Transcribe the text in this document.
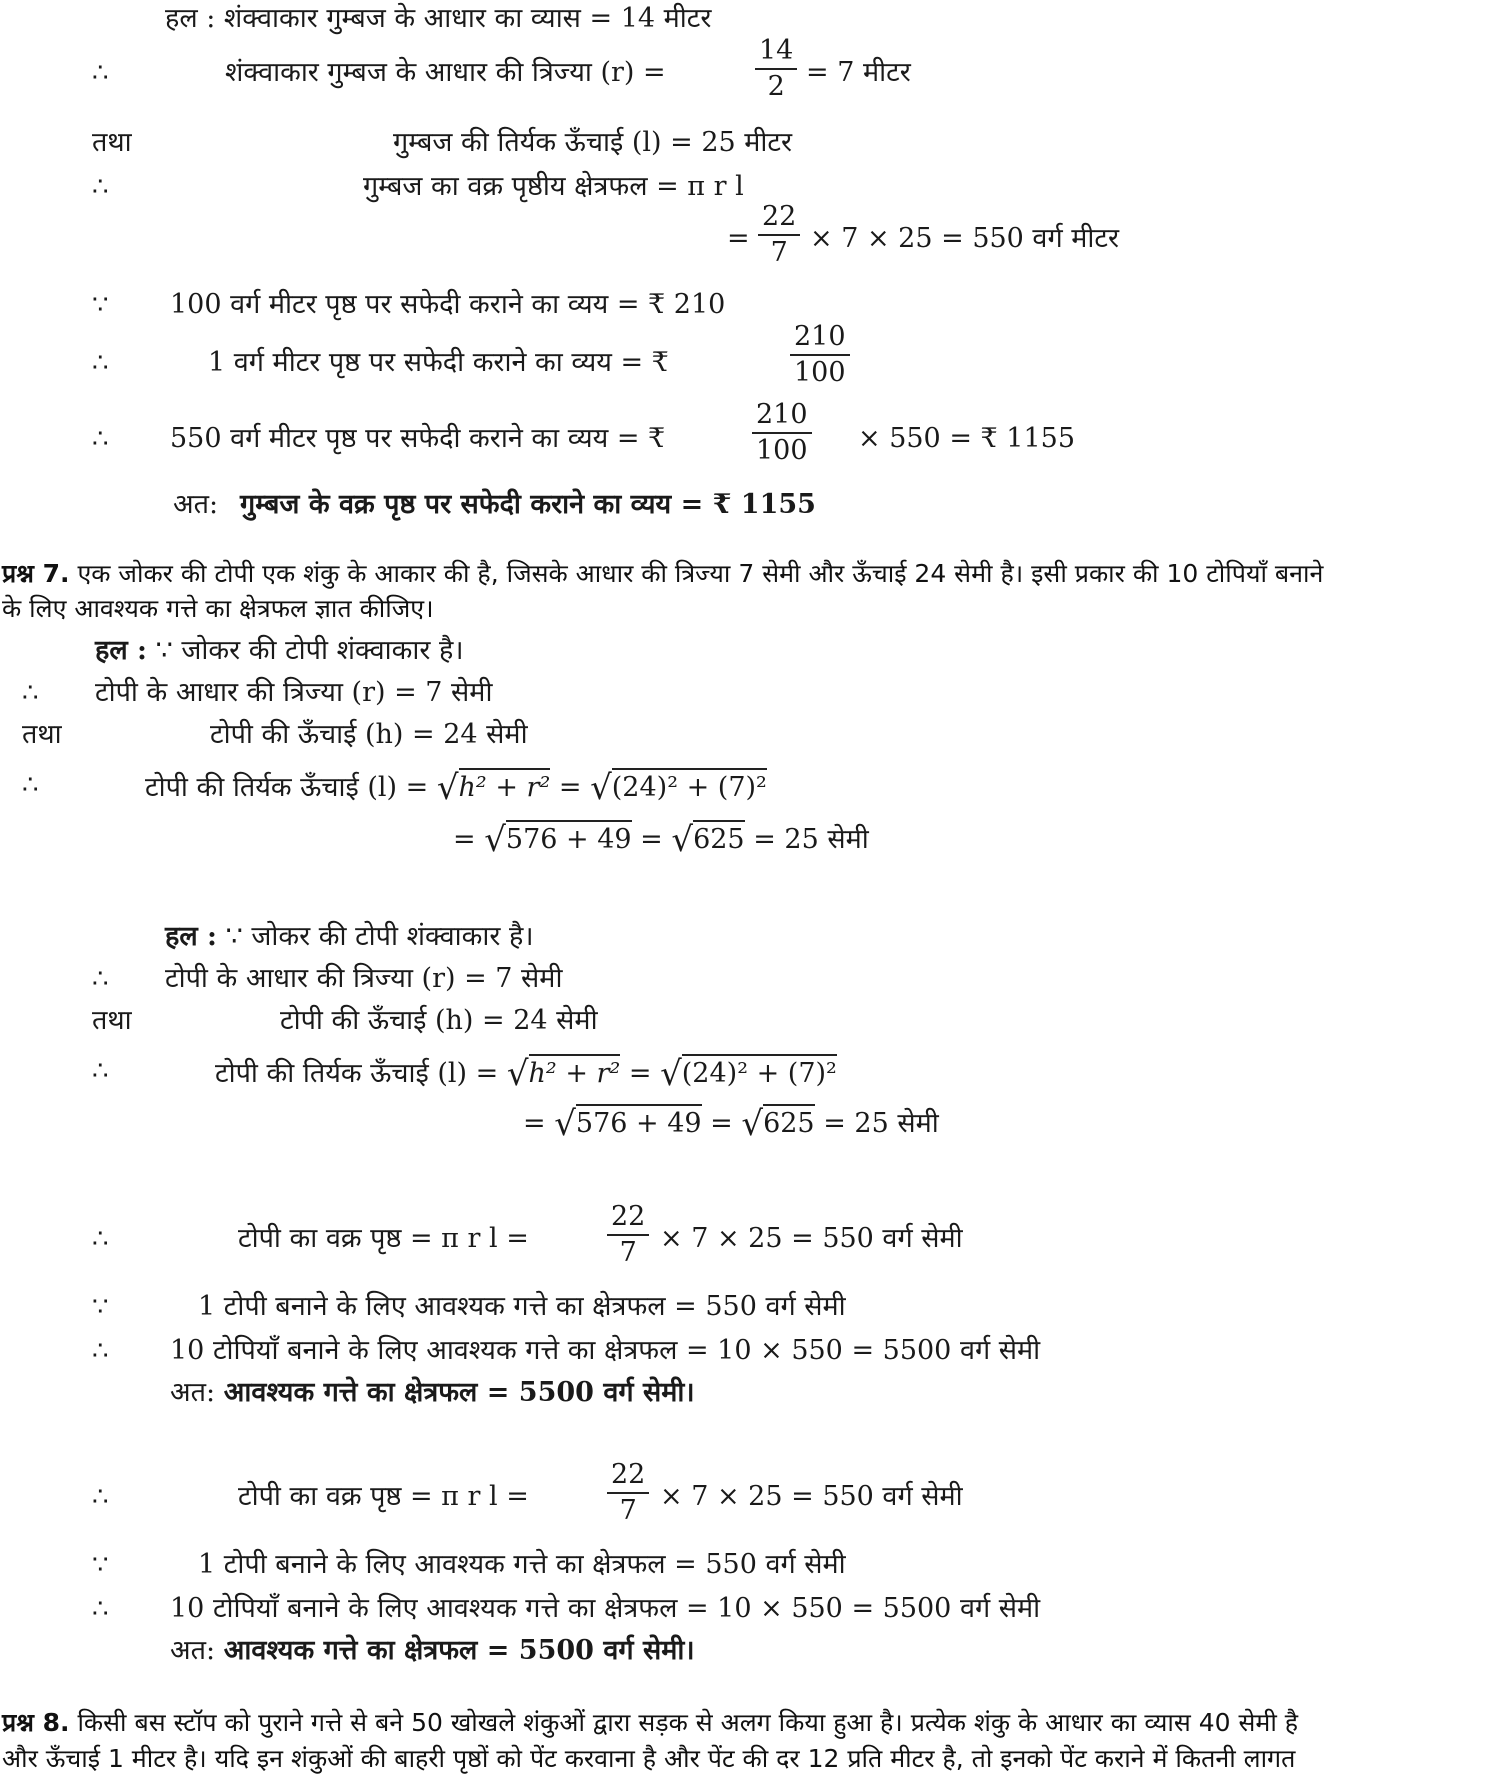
हल : शंक्वाकार गुम्बज के आधार का व्यास = 14 मीटर
∴	शंक्वाकार गुम्बज के आधार की त्रिज्या (r) =	$\frac{14}{2} = 7$ मीटर
तथा	गुम्बज की तिर्यक ऊँचाई (l) = 25 मीटर
∴	गुम्बज का वक्र पृष्ठीय क्षेत्रफल = π r l
= $\frac{22}{7} \times 7 \times 25 = 550$ वर्ग मीटर
∵ 100 वर्ग मीटर पृष्ठ पर सफेदी कराने का व्यय = ₹ 210
∴	1 वर्ग मीटर पृष्ठ पर सफेदी कराने का व्यय = ₹	$\frac{210}{100}$
∴ 550 वर्ग मीटर पृष्ठ पर सफेदी कराने का व्यय = ₹	$\frac{210}{100} \times 550$ = ₹ 1155
अत: गुम्बज के वक्र पृष्ठ पर सफेदी कराने का व्यय = ₹ 1155
प्रश्न 7. एक जोकर की टोपी एक शंकु के आकार की है, जिसके आधार की त्रिज्या 7 सेमी और ऊँचाई 24 सेमी है। इसी प्रकार की 10 टोपियाँ बनाने
के लिए आवश्यक गत्ते का क्षेत्रफल ज्ञात कीजिए।
हल : ∵ जोकर की टोपी शंक्वाकार है।
∴ टोपी के आधार की त्रिज्या (r) = 7 सेमी
तथा	टोपी की ऊँचाई (h) = 24 सेमी
∴	टोपी की तिर्यक ऊँचाई (l) = √h² + r² = √(24)² + (7)²
= √576 + 49 = √625 = 25 सेमी
हल : ∵ जोकर की टोपी शंक्वाकार है।
∴ टोपी के आधार की त्रिज्या (r) = 7 सेमी
तथा	टोपी की ऊँचाई (h) = 24 सेमी
∴	टोपी की तिर्यक ऊँचाई (l) = √h² + r² = √(24)² + (7)²
= √576 + 49 = √625 = 25 सेमी
∴	टोपी का वक्र पृष्ठ = π r l =	$\frac{22}{7} \times 7 \times 25 = 550$ वर्ग सेमी
∵	1 टोपी बनाने के लिए आवश्यक गत्ते का क्षेत्रफल = 550 वर्ग सेमी
∴ 10 टोपियाँ बनाने के लिए आवश्यक गत्ते का क्षेत्रफल = 10 × 550 = 5500 वर्ग सेमी
अत: आवश्यक गत्ते का क्षेत्रफल = 5500 वर्ग सेमी।
∴	टोपी का वक्र पृष्ठ = π r l =	$\frac{22}{7} \times 7 \times 25 = 550$ वर्ग सेमी
∵	1 टोपी बनाने के लिए आवश्यक गत्ते का क्षेत्रफल = 550 वर्ग सेमी
∴ 10 टोपियाँ बनाने के लिए आवश्यक गत्ते का क्षेत्रफल = 10 × 550 = 5500 वर्ग सेमी
अत: आवश्यक गत्ते का क्षेत्रफल = 5500 वर्ग सेमी।
प्रश्न 8. किसी बस स्टॉप को पुराने गत्ते से बने 50 खोखले शंकुओं द्वारा सड़क से अलग किया हुआ है। प्रत्येक शंकु के आधार का व्यास 40 सेमी है
और ऊँचाई 1 मीटर है। यदि इन शंकुओं की बाहरी पृष्ठों को पेंट करवाना है और पेंट की दर 12 प्रति मीटर है, तो इनको पेंट कराने में कितनी लागत
